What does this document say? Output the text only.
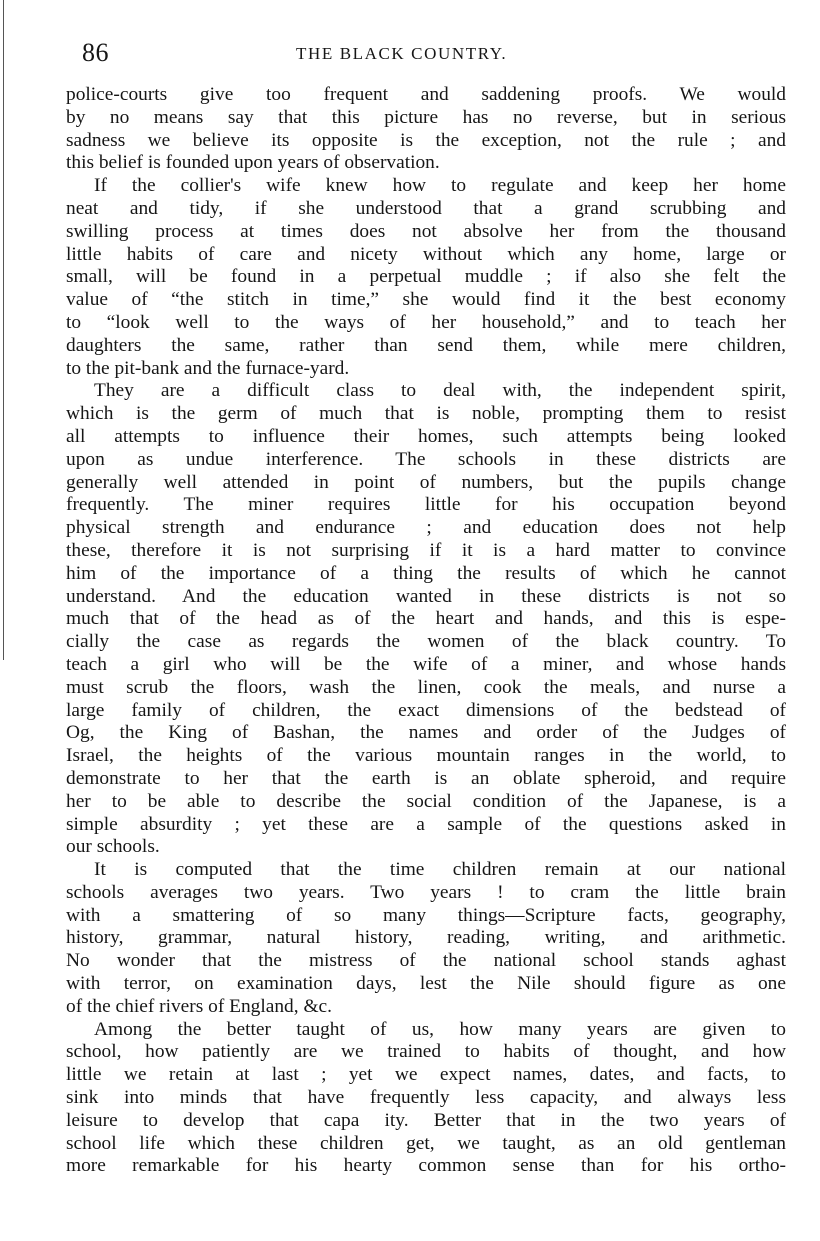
86	THE BLACK COUNTRY.
police-courts give too frequent and saddening proofs. We would
by no means say that this picture has no reverse, but in serious
sadness we believe its opposite is the exception, not the rule ; and
this belief is founded upon years of observation.
If the collier's wife knew how to regulate and keep her home
neat and tidy, if she understood that a grand scrubbing and
swilling process at times does not absolve her from the thousand
little habits of care and nicety without which any home, large or
small, will be found in a perpetual muddle ; if also she felt the
value of “the stitch in time,” she would find it the best economy
to “look well to the ways of her household,” and to teach her
daughters the same, rather than send them, while mere children,
to the pit-bank and the furnace-yard.
They are a difficult class to deal with, the independent spirit,
which is the germ of much that is noble, prompting them to resist
all attempts to influence their homes, such attempts being looked
upon as undue interference. The schools in these districts are
generally well attended in point of numbers, but the pupils change
frequently. The miner requires little for his occupation beyond
physical strength and endurance ; and education does not help
these, therefore it is not surprising if it is a hard matter to convince
him of the importance of a thing the results of which he cannot
understand. And the education wanted in these districts is not so
much that of the head as of the heart and hands, and this is espe-
cially the case as regards the women of the black country. To
teach a girl who will be the wife of a miner, and whose hands
must scrub the floors, wash the linen, cook the meals, and nurse a
large family of children, the exact dimensions of the bedstead of
Og, the King of Bashan, the names and order of the Judges of
Israel, the heights of the various mountain ranges in the world, to
demonstrate to her that the earth is an oblate spheroid, and require
her to be able to describe the social condition of the Japanese, is a
simple absurdity ; yet these are a sample of the questions asked in
our schools.
It is computed that the time children remain at our national
schools averages two years. Two years ! to cram the little brain
with a smattering of so many things—Scripture facts, geography,
history, grammar, natural history, reading, writing, and arithmetic.
No wonder that the mistress of the national school stands aghast
with terror, on examination days, lest the Nile should figure as one
of the chief rivers of England, &c.
Among the better taught of us, how many years are given to
school, how patiently are we trained to habits of thought, and how
little we retain at last ; yet we expect names, dates, and facts, to
sink into minds that have frequently less capacity, and always less
leisure to develop that capa ity. Better that in the two years of
school life which these children get, we taught, as an old gentleman
more remarkable for his hearty common sense than for his ortho-
